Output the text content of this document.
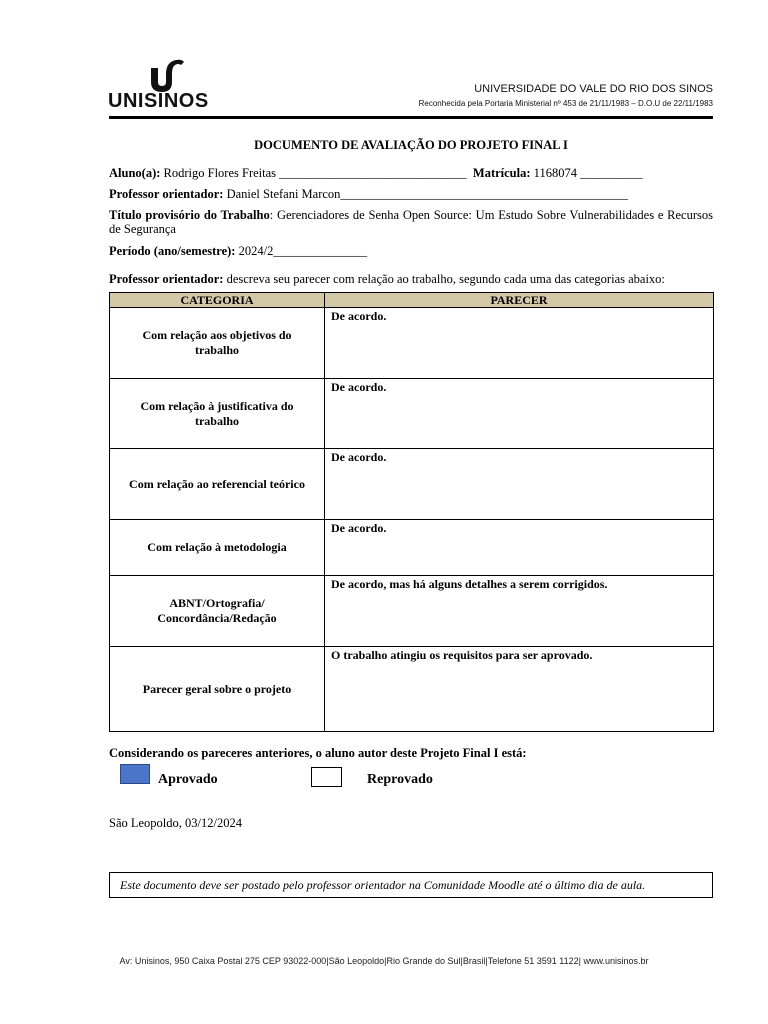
UNISINOS
UNIVERSIDADE DO VALE DO RIO DOS SINOS
Reconhecida pela Portaria Ministerial nº 453 de 21/11/1983 – D.O.U de 22/11/1983
DOCUMENTO DE AVALIAÇÃO DO PROJETO FINAL I
Aluno(a): Rodrigo Flores Freitas ______________________________ Matrícula: 1168074 __________
Professor orientador: Daniel Stefani Marcon______________________________________________
Título provisório do Trabalho: Gerenciadores de Senha Open Source: Um Estudo Sobre Vulnerabilidades e Recursos de Segurança
Período (ano/semestre): 2024/2_______________
Professor orientador: descreva seu parecer com relação ao trabalho, segundo cada uma das categorias abaixo:
CATEGORIA	PARECER
Com relação aos objetivos do trabalho	De acordo.
Com relação à justificativa do trabalho	De acordo.
Com relação ao referencial teórico	De acordo.
Com relação à metodologia	De acordo.
ABNT/Ortografia/ Concordância/Redação	De acordo, mas há alguns detalhes a serem corrigidos.
Parecer geral sobre o projeto	O trabalho atingiu os requisitos para ser aprovado.
Considerando os pareceres anteriores, o aluno autor deste Projeto Final I está:
Aprovado	Reprovado
São Leopoldo, 03/12/2024
Este documento deve ser postado pelo professor orientador na Comunidade Moodle até o último dia de aula.
Av: Unisinos, 950 Caixa Postal 275 CEP 93022-000|São Leopoldo|Rio Grande do Sul|Brasil|Telefone 51 3591 1122| www.unisinos.br
